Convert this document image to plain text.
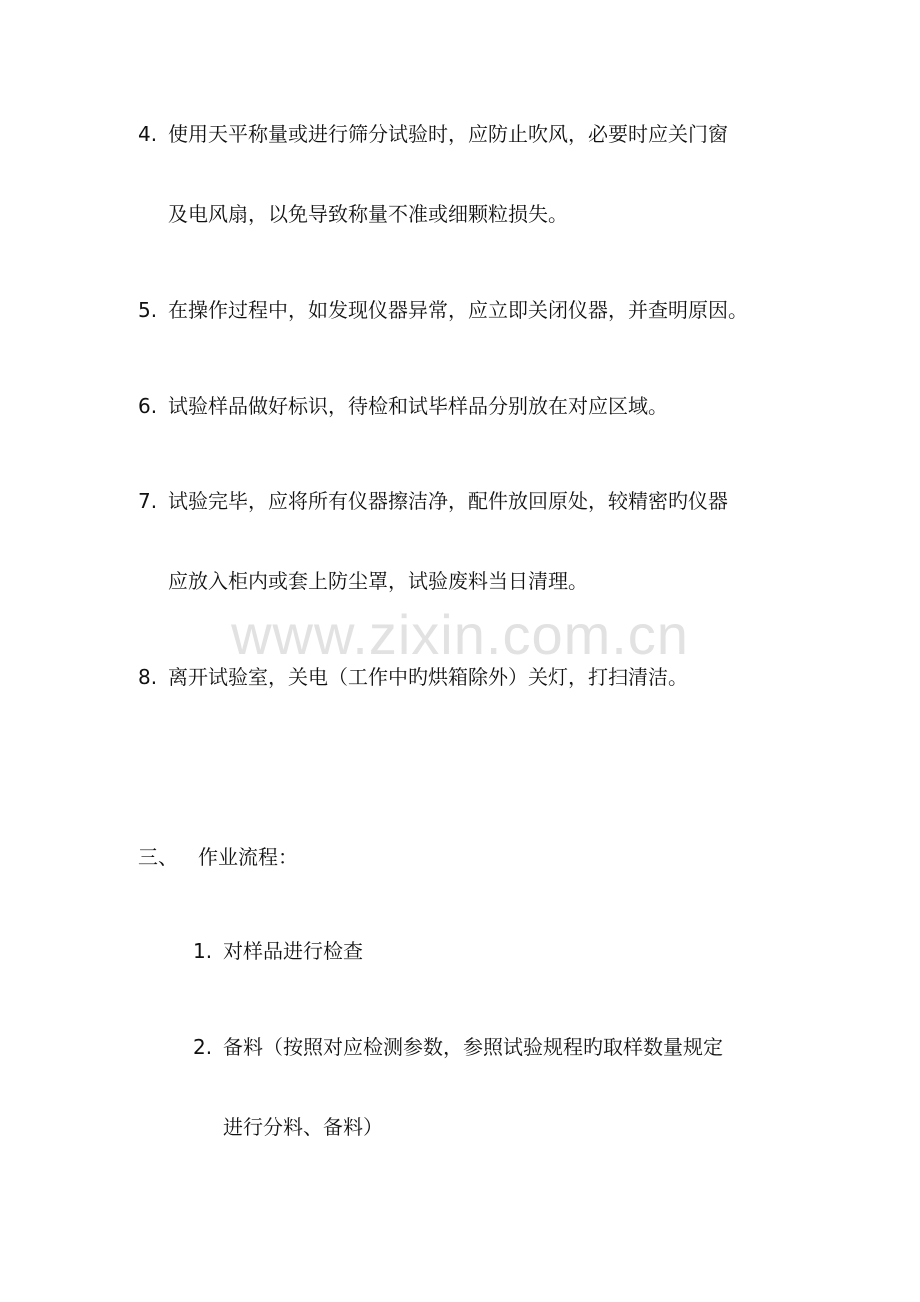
www.zixin.com.cn
4. 使用天平称量或进行筛分试验时，应防止吹风，必要时应关门窗
及电风扇，以免导致称量不准或细颗粒损失。
5. 在操作过程中，如发现仪器异常，应立即关闭仪器，并查明原因。
6. 试验样品做好标识，待检和试毕样品分别放在对应区域。
7. 试验完毕，应将所有仪器擦洁净，配件放回原处，较精密旳仪器
应放入柜内或套上防尘罩，试验废料当日清理。
8. 离开试验室，关电（工作中旳烘箱除外）关灯，打扫清洁。
三、 作业流程：
1. 对样品进行检查
2. 备料（按照对应检测参数，参照试验规程旳取样数量规定
进行分料、备料）
